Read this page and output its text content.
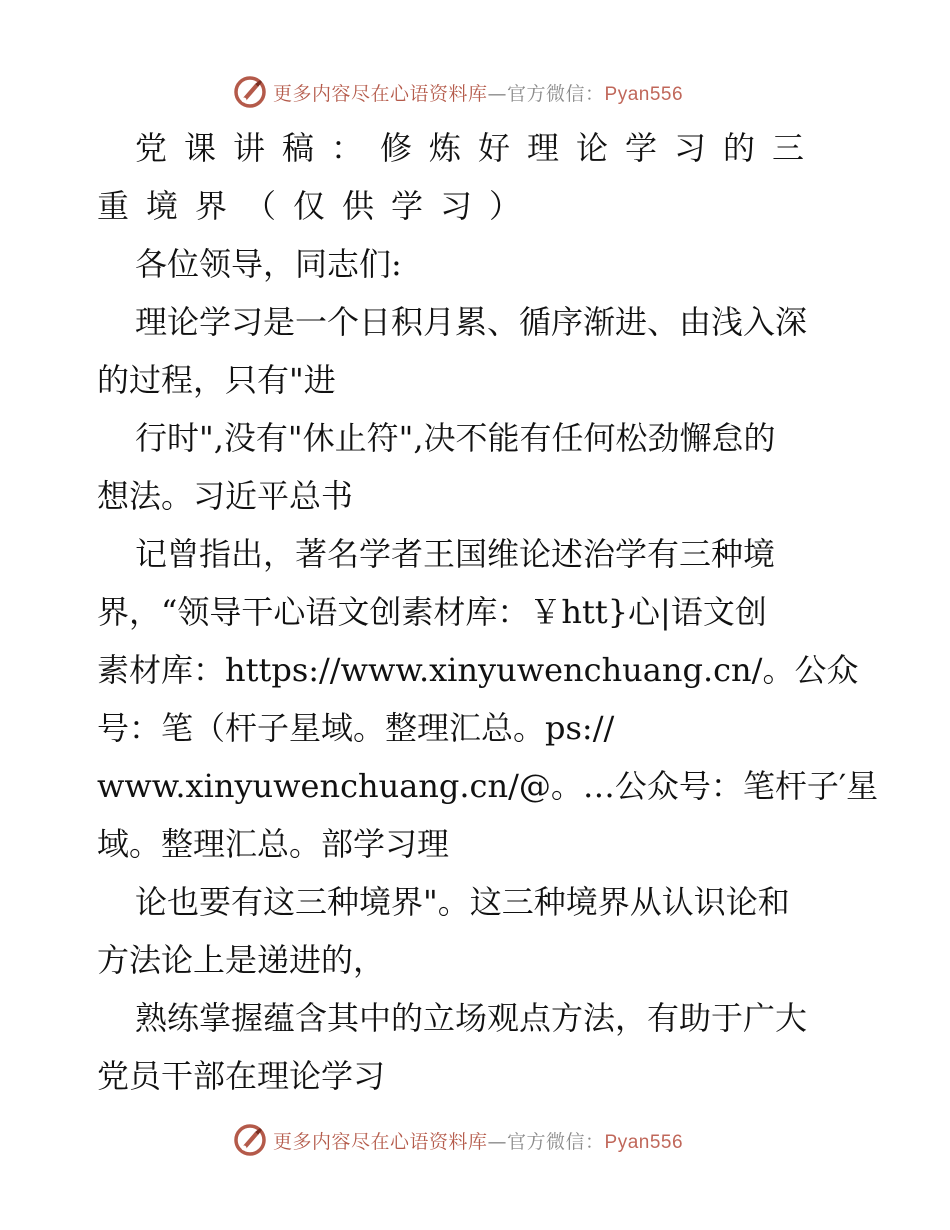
更多内容尽在心语资料库—官方微信：Pyan556
党课讲稿：修炼好理论学习的三
重境界（仅供学习）
各位领导，同志们:
理论学习是一个日积月累、循序渐进、由浅入深
的过程，只有"进
行时",没有"休止符",决不能有任何松劲懈怠的
想法。习近平总书
记曾指出，著名学者王国维论述治学有三种境
界，“领导干心语文创素材库：￥htt}心|语文创
素材库：https://www.xinyuwenchuang.cn/。公众
号：笔（杆子星域。整理汇总。ps://
www.xinyuwenchuang.cn/@。…公众号：笔杆子′星
域。整理汇总。部学习理
论也要有这三种境界"。这三种境界从认识论和
方法论上是递进的，
熟练掌握蕴含其中的立场观点方法，有助于广大
党员干部在理论学习
更多内容尽在心语资料库—官方微信：Pyan556
